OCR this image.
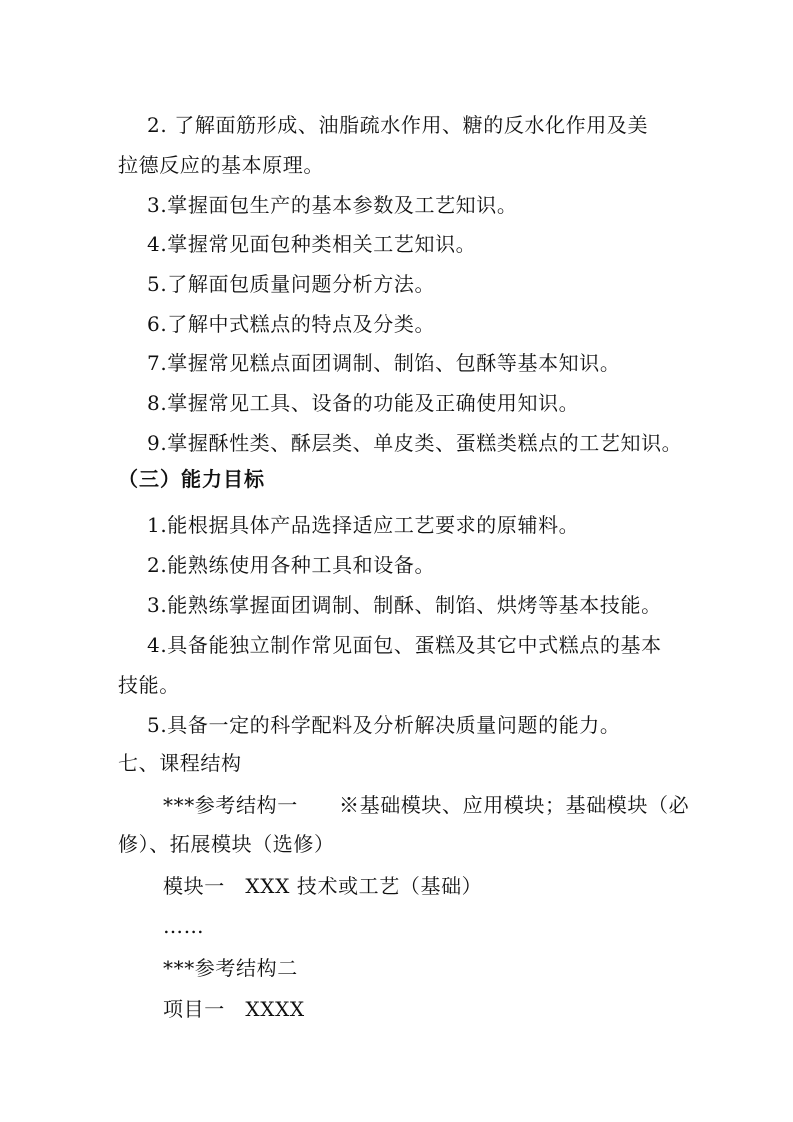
2. 了解面筋形成、油脂疏水作用、糖的反水化作用及美
拉德反应的基本原理。
3.掌握面包生产的基本参数及工艺知识。
4.掌握常见面包种类相关工艺知识。
5.了解面包质量问题分析方法。
6.了解中式糕点的特点及分类。
7.掌握常见糕点面团调制、制馅、包酥等基本知识。
8.掌握常见工具、设备的功能及正确使用知识。
9.掌握酥性类、酥层类、单皮类、蛋糕类糕点的工艺知识。
（三）能力目标
1.能根据具体产品选择适应工艺要求的原辅料。
2.能熟练使用各种工具和设备。
3.能熟练掌握面团调制、制酥、制馅、烘烤等基本技能。
4.具备能独立制作常见面包、蛋糕及其它中式糕点的基本
技能。
5.具备一定的科学配料及分析解决质量问题的能力。
七、课程结构
***参考结构一　　※基础模块、应用模块；基础模块（必
修）、拓展模块（选修）
模块一　XXX 技术或工艺（基础）
……
***参考结构二
项目一　XXXX
